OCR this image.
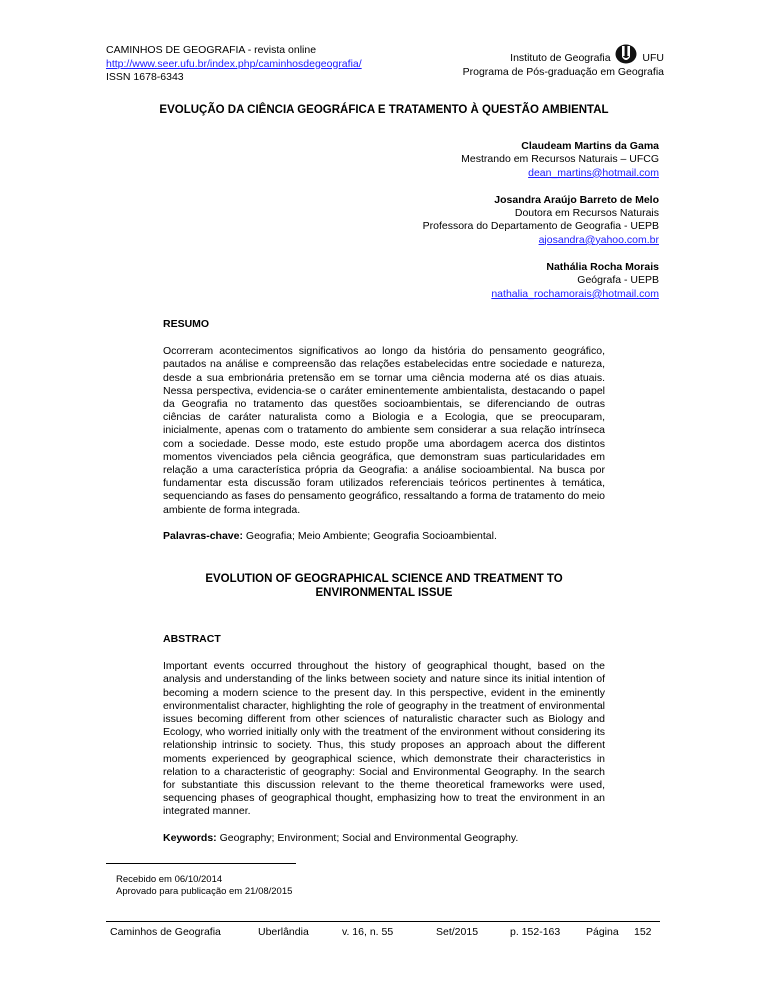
CAMINHOS DE GEOGRAFIA - revista online
http://www.seer.ufu.br/index.php/caminhosdegeografia/
ISSN 1678-6343
Instituto de Geografia	UFU
Programa de Pós-graduação em Geografia
EVOLUÇÃO DA CIÊNCIA GEOGRÁFICA E TRATAMENTO À QUESTÃO AMBIENTAL
Claudeam Martins da Gama
Mestrando em Recursos Naturais – UFCG
dean_martins@hotmail.com
Josandra Araújo Barreto de Melo
Doutora em Recursos Naturais
Professora do Departamento de Geografia - UEPB
ajosandra@yahoo.com.br
Nathália Rocha Morais
Geógrafa - UEPB
nathalia_rochamorais@hotmail.com
RESUMO
Ocorreram acontecimentos significativos ao longo da história do pensamento geográfico, pautados na análise e compreensão das relações estabelecidas entre sociedade e natureza, desde a sua embrionária pretensão em se tornar uma ciência moderna até os dias atuais. Nessa perspectiva, evidencia-se o caráter eminentemente ambientalista, destacando o papel da Geografia no tratamento das questões socioambientais, se diferenciando de outras ciências de caráter naturalista como a Biologia e a Ecologia, que se preocuparam, inicialmente, apenas com o tratamento do ambiente sem considerar a sua relação intrínseca com a sociedade. Desse modo, este estudo propõe uma abordagem acerca dos distintos momentos vivenciados pela ciência geográfica, que demonstram suas particularidades em relação a uma característica própria da Geografia: a análise socioambiental. Na busca por fundamentar esta discussão foram utilizados referenciais teóricos pertinentes à temática, sequenciando as fases do pensamento geográfico, ressaltando a forma de tratamento do meio ambiente de forma integrada.
Palavras-chave: Geografia; Meio Ambiente; Geografia Socioambiental.
EVOLUTION OF GEOGRAPHICAL SCIENCE AND TREATMENT TO ENVIRONMENTAL ISSUE
ABSTRACT
Important events occurred throughout the history of geographical thought, based on the analysis and understanding of the links between society and nature since its initial intention of becoming a modern science to the present day. In this perspective, evident in the eminently environmentalist character, highlighting the role of geography in the treatment of environmental issues becoming different from other sciences of naturalistic character such as Biology and Ecology, who worried initially only with the treatment of the environment without considering its relationship intrinsic to society. Thus, this study proposes an approach about the different moments experienced by geographical science, which demonstrate their characteristics in relation to a characteristic of geography: Social and Environmental Geography. In the search for substantiate this discussion relevant to the theme theoretical frameworks were used, sequencing phases of geographical thought, emphasizing how to treat the environment in an integrated manner.
Keywords: Geography; Environment; Social and Environmental Geography.
Recebido em 06/10/2014
Aprovado para publicação em 21/08/2015
Caminhos de Geografia	Uberlândia	v. 16, n. 55	Set/2015	p. 152-163 Página 152
